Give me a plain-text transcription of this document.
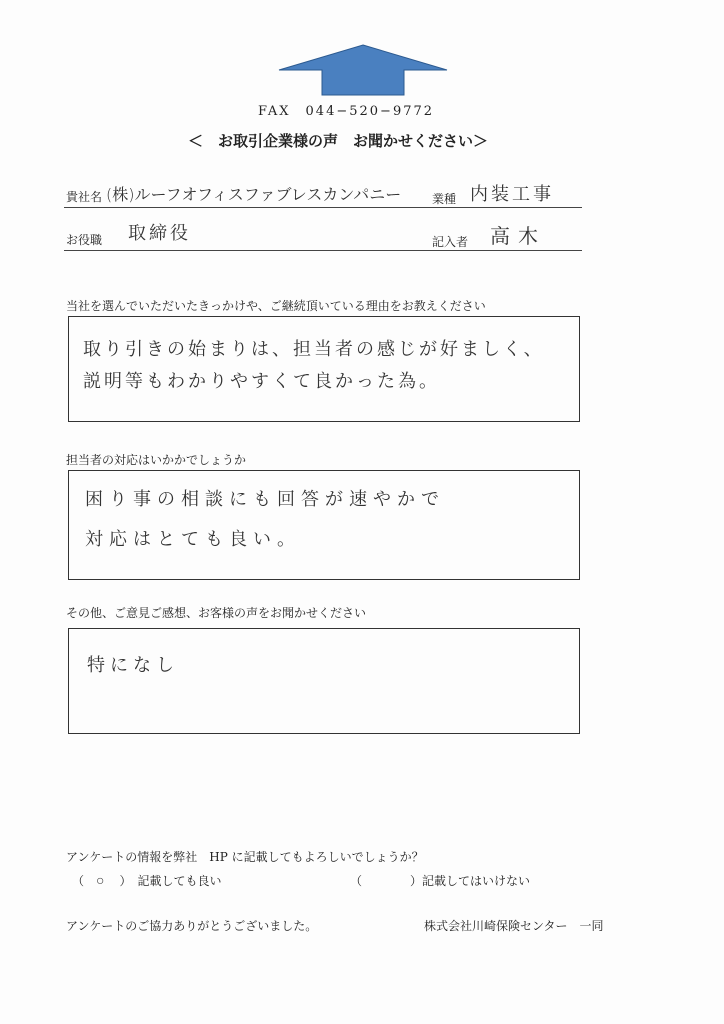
FAX　044−520−9772
＜　お取引企業様の声　お聞かせください＞
貴社名 (株)ルーフオフィスファブレスカンパニー	業種 内装工事
お役職 取締役	記入者 高木
当社を選んでいただいたきっかけや、ご継続頂いている理由をお教えください
取り引きの始まりは、担当者の感じが好ましく、
説明等もわかりやすくて良かった為。
担当者の対応はいかかでしょうか
困り事の相談にも回答が速やかで
対応はとても良い。
その他、ご意見ご感想、お客様の声をお聞かせください
特になし
アンケートの情報を弊社　HP に記載してもよろしいでしょうか？
（　○　）　記載しても良い	（　　　　）記載してはいけない
アンケートのご協力ありがとうございました。	株式会社川崎保険センター　一同
